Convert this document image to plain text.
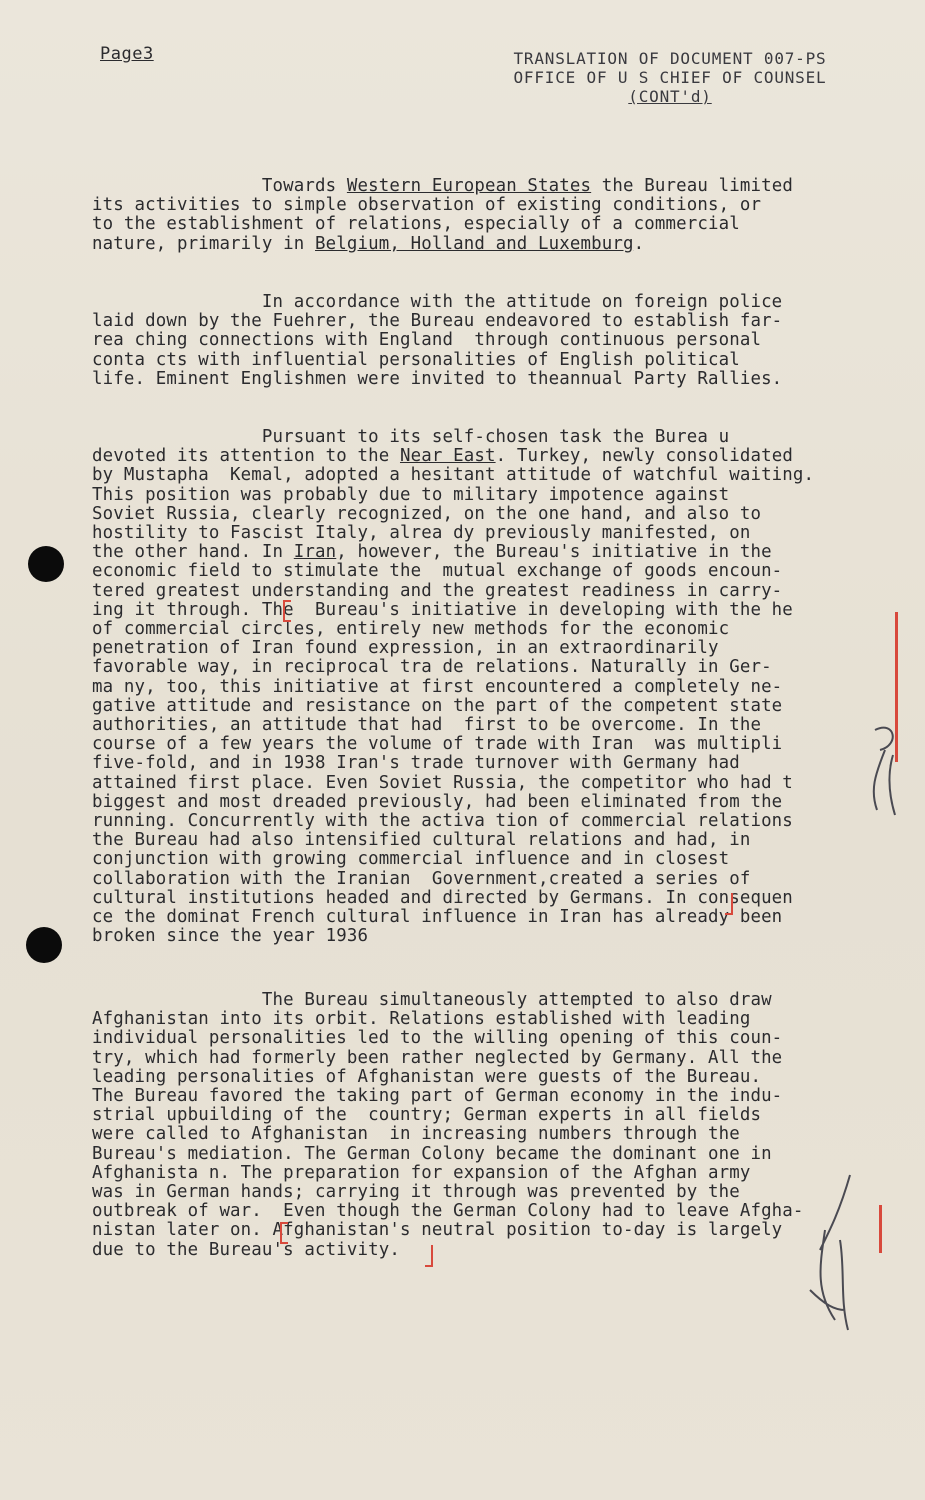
Page3	TRANSLATION OF DOCUMENT 007-PS
OFFICE OF U S CHIEF OF COUNSEL
(CONT'd)
Towards Western European States the Bureau limited
its activities to simple observation of existing conditions, or
to the establishment of relations, especially of a commercial
nature, primarily in Belgium, Holland and Luxemburg.
In accordance with the attitude on foreign police
laid down by the Fuehrer, the Bureau endeavored to establish far-
rea ching connections with England  through continuous personal
conta cts with influential personalities of English political
life. Eminent Englishmen were invited to theannual Party Rallies.
Pursuant to its self-chosen task the Burea u
devoted its attention to the Near East. Turkey, newly consolidated
by Mustapha  Kemal, adopted a hesitant attitude of watchful waiting.
This position was probably due to military impotence against
Soviet Russia, clearly recognized, on the one hand, and also to
hostility to Fascist Italy, alrea dy previously manifested, on
the other hand. In Iran, however, the Bureau's initiative in the
economic field to stimulate the  mutual exchange of goods encoun-
tered greatest understanding and the greatest readiness in carry-
ing it through. The  Bureau's initiative in developing with the he
of commercial circles, entirely new methods for the economic
penetration of Iran found expression, in an extraordinarily
favorable way, in reciprocal tra de relations. Naturally in Ger-
ma ny, too, this initiative at first encountered a completely ne-
gative attitude and resistance on the part of the competent state
authorities, an attitude that had  first to be overcome. In the
course of a few years the volume of trade with Iran  was multipli
five-fold, and in 1938 Iran's trade turnover with Germany had
attained first place. Even Soviet Russia, the competitor who had t
biggest and most dreaded previously, had been eliminated from the
running. Concurrently with the activa tion of commercial relations
the Bureau had also intensified cultural relations and had, in
conjunction with growing commercial influence and in closest
collaboration with the Iranian  Government,created a series of
cultural institutions headed and directed by Germans. In consequen
ce the dominat French cultural influence in Iran has already been
broken since the year 1936
The Bureau simultaneously attempted to also draw
Afghanistan into its orbit. Relations established with leading
individual personalities led to the willing opening of this coun-
try, which had formerly been rather neglected by Germany. All the
leading personalities of Afghanistan were guests of the Bureau.
The Bureau favored the taking part of German economy in the indu-
strial upbuilding of the  country; German experts in all fields
were called to Afghanistan  in increasing numbers through the
Bureau's mediation. The German Colony became the dominant one in
Afghanista n. The preparation for expansion of the Afghan army
was in German hands; carrying it through was prevented by the
outbreak of war.  Even though the German Colony had to leave Afgha-
nistan later on. Afghanistan's neutral position to-day is largely
due to the Bureau's activity.
